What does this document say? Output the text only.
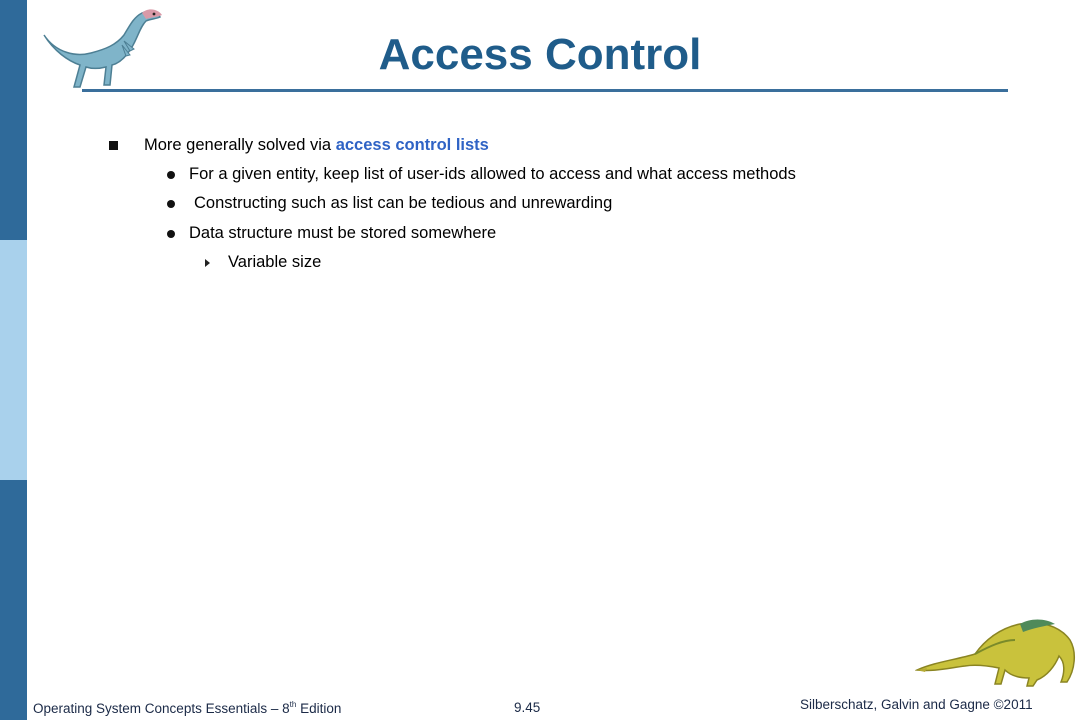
Access Control
More generally solved via access control lists
For a given entity, keep list of user-ids allowed to access and what access methods
Constructing such as list can be tedious and unrewarding
Data structure must be stored somewhere
Variable size
Operating System Concepts Essentials – 8th Edition	9.45	Silberschatz, Galvin and Gagne ©2011
